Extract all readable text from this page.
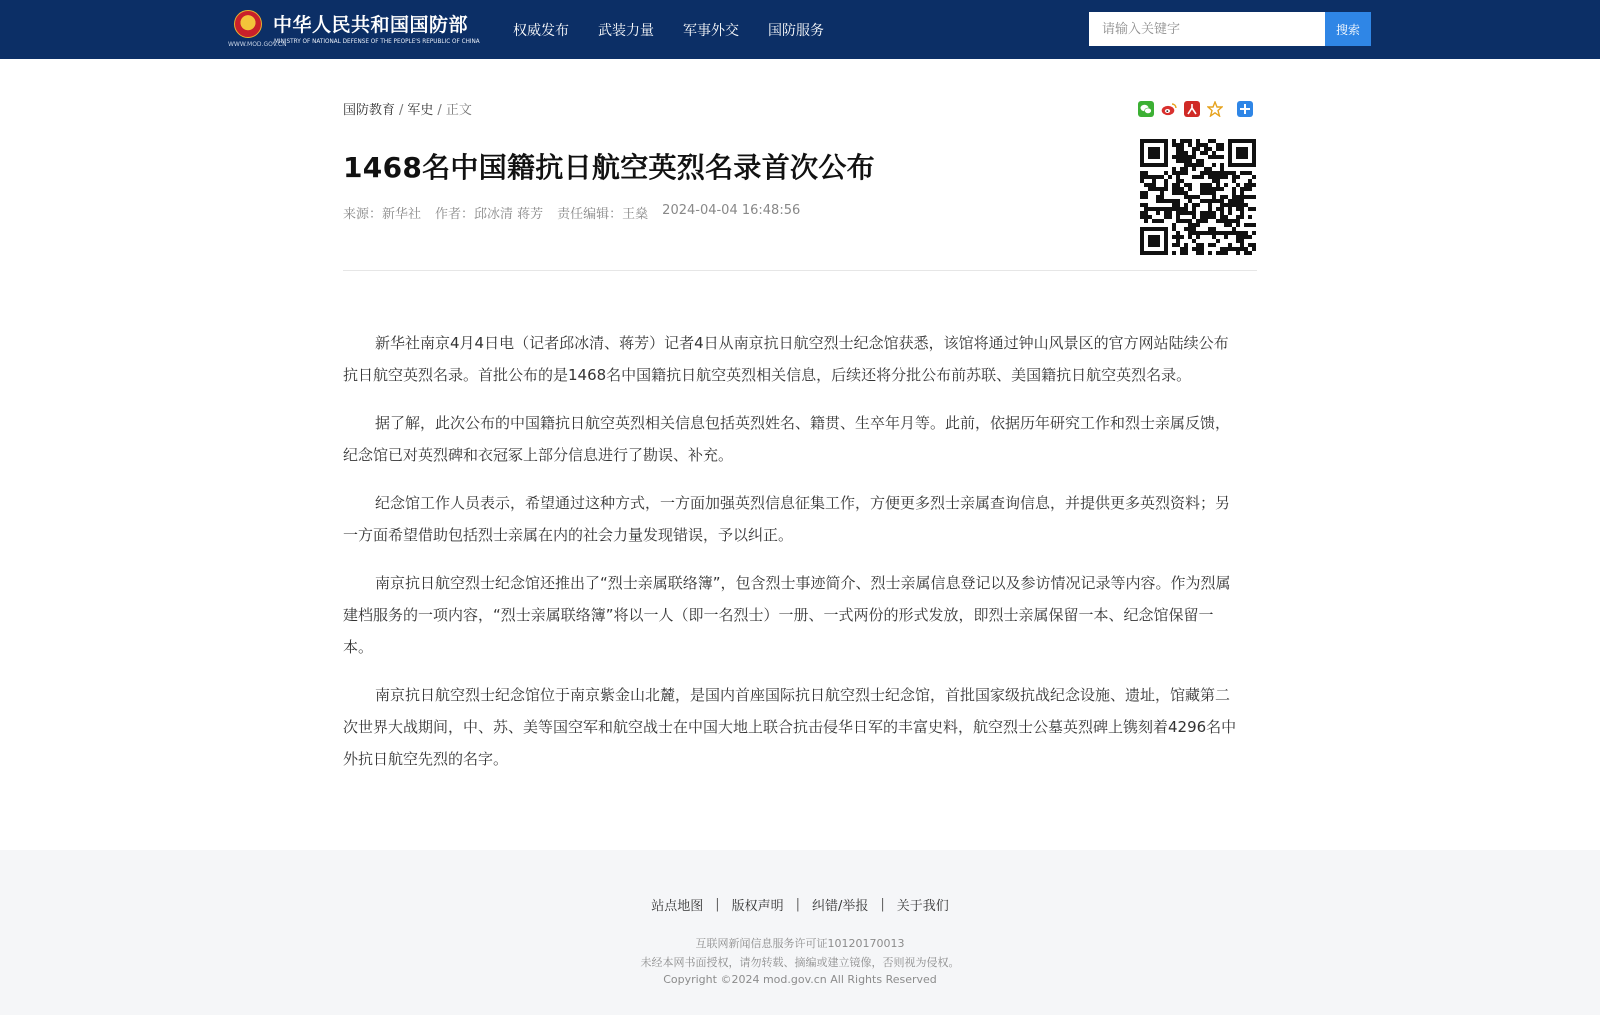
WWW.MOD.GOV.CN
中华人民共和国国防部
MINISTRY OF NATIONAL DEFENSE OF THE PEOPLE'S REPUBLIC OF CHINA
权威发布 武装力量 军事外交 国防服务
请输入关键字	搜索
国防教育 / 军史 / 正文
1468名中国籍抗日航空英烈名录首次公布
来源：新华社 作者：邱冰清 蒋芳 责任编辑：王燊 2024-04-04 16:48:56

新华社南京4月4日电（记者邱冰清、蒋芳）记者4日从南京抗日航空烈士纪念馆获悉，该馆将通过钟山风景区的官方网站陆续公布抗日航空英烈名录。首批公布的是1468名中国籍抗日航空英烈相关信息，后续还将分批公布前苏联、美国籍抗日航空英烈名录。

据了解，此次公布的中国籍抗日航空英烈相关信息包括英烈姓名、籍贯、生卒年月等。此前，依据历年研究工作和烈士亲属反馈，纪念馆已对英烈碑和衣冠冢上部分信息进行了勘误、补充。

纪念馆工作人员表示，希望通过这种方式，一方面加强英烈信息征集工作，方便更多烈士亲属查询信息，并提供更多英烈资料；另一方面希望借助包括烈士亲属在内的社会力量发现错误，予以纠正。

南京抗日航空烈士纪念馆还推出了“烈士亲属联络簿”，包含烈士事迹简介、烈士亲属信息登记以及参访情况记录等内容。作为烈属建档服务的一项内容，“烈士亲属联络簿”将以一人（即一名烈士）一册、一式两份的形式发放，即烈士亲属保留一本、纪念馆保留一本。

南京抗日航空烈士纪念馆位于南京紫金山北麓，是国内首座国际抗日航空烈士纪念馆，首批国家级抗战纪念设施、遗址，馆藏第二次世界大战期间，中、苏、美等国空军和航空战士在中国大地上联合抗击侵华日军的丰富史料，航空烈士公墓英烈碑上镌刻着4296名中外抗日航空先烈的名字。

站点地图 | 版权声明 | 纠错/举报 | 关于我们
互联网新闻信息服务许可证10120170013
未经本网书面授权，请勿转载、摘编或建立镜像，否则视为侵权。
Copyright ©2024 mod.gov.cn All Rights Reserved
